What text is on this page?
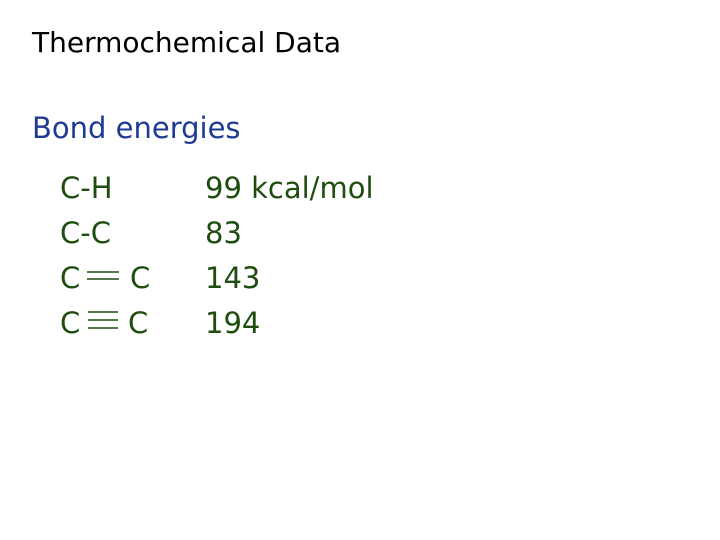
Thermochemical Data
Bond energies
C-H	99 kcal/mol
C-C	83
C C 143
C C 194
